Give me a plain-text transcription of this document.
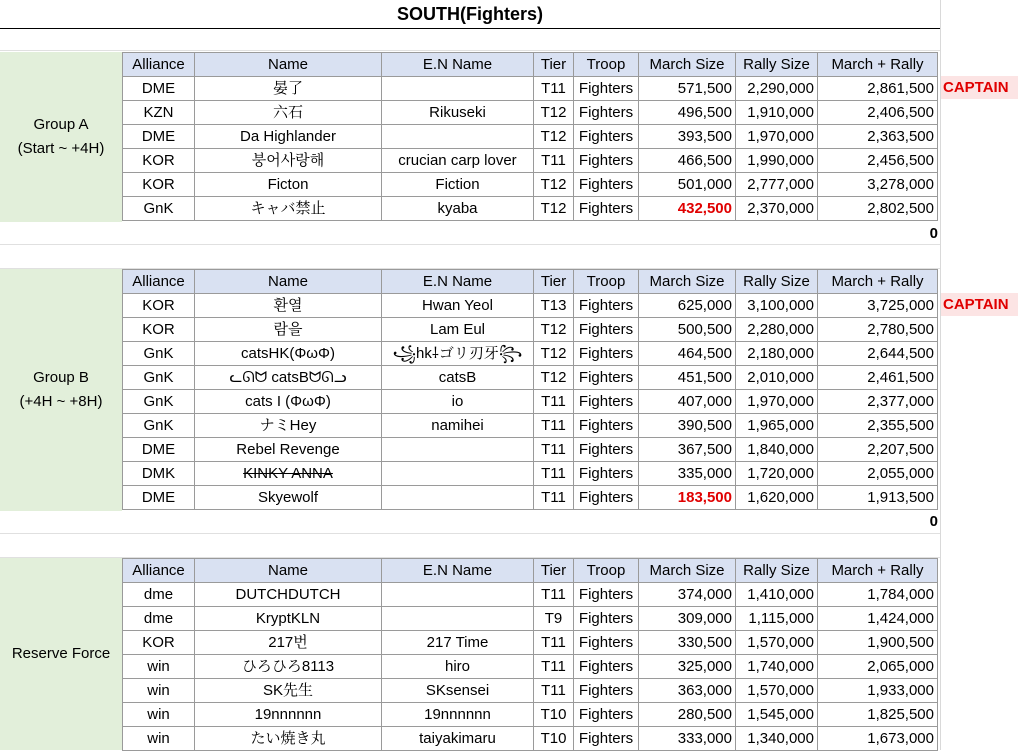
SOUTH(Fighters)
Group A
(Start ~ +4H)
Alliance	Name	E.N Name	Tier	Troop	March Size	Rally Size	March + Rally
DME	晏了		T11	Fighters	571,500	2,290,000	2,861,500
KZN	六石	Rikuseki	T12	Fighters	496,500	1,910,000	2,406,500
DME	Da Highlander		T12	Fighters	393,500	1,970,000	2,363,500
KOR	붕어사랑해	crucian carp lover	T11	Fighters	466,500	1,990,000	2,456,500
KOR	Ficton	Fiction	T12	Fighters	501,000	2,777,000	3,278,000
GnK	キャバ禁止	kyaba	T12	Fighters	432,500	2,370,000	2,802,500
CAPTAIN
0
Group B
(+4H ~ +8H)
Alliance	Name	E.N Name	Tier	Troop	March Size	Rally Size	March + Rally
KOR	환열	Hwan Yeol	T13	Fighters	625,000	3,100,000	3,725,000
KOR	람을	Lam Eul	T12	Fighters	500,500	2,280,000	2,780,500
GnK	catsHK(ΦωΦ)	꧁hk⸸ゴリ刃牙꧂	T12	Fighters	464,500	2,180,000	2,644,500
GnK	ᓚᘏᗢ catsBᗢᘏᓗ	catsB	T12	Fighters	451,500	2,010,000	2,461,500
GnK	cats I (ΦωΦ)	io	T11	Fighters	407,000	1,970,000	2,377,000
GnK	ナミHey	namihei	T11	Fighters	390,500	1,965,000	2,355,500
DME	Rebel Revenge		T11	Fighters	367,500	1,840,000	2,207,500
DMK	KINKY ANNA		T11	Fighters	335,000	1,720,000	2,055,000
DME	Skyewolf		T11	Fighters	183,500	1,620,000	1,913,500
CAPTAIN
0
Reserve Force
Alliance	Name	E.N Name	Tier	Troop	March Size	Rally Size	March + Rally
dme	DUTCHDUTCH		T11	Fighters	374,000	1,410,000	1,784,000
dme	KryptKLN		T9	Fighters	309,000	1,115,000	1,424,000
KOR	217번	217 Time	T11	Fighters	330,500	1,570,000	1,900,500
win	ひろひろ8113	hiro	T11	Fighters	325,000	1,740,000	2,065,000
win	SK先生	SKsensei	T11	Fighters	363,000	1,570,000	1,933,000
win	19nnnnnn	19nnnnnn	T10	Fighters	280,500	1,545,000	1,825,500
win	たい焼き丸	taiyakimaru	T10	Fighters	333,000	1,340,000	1,673,000
